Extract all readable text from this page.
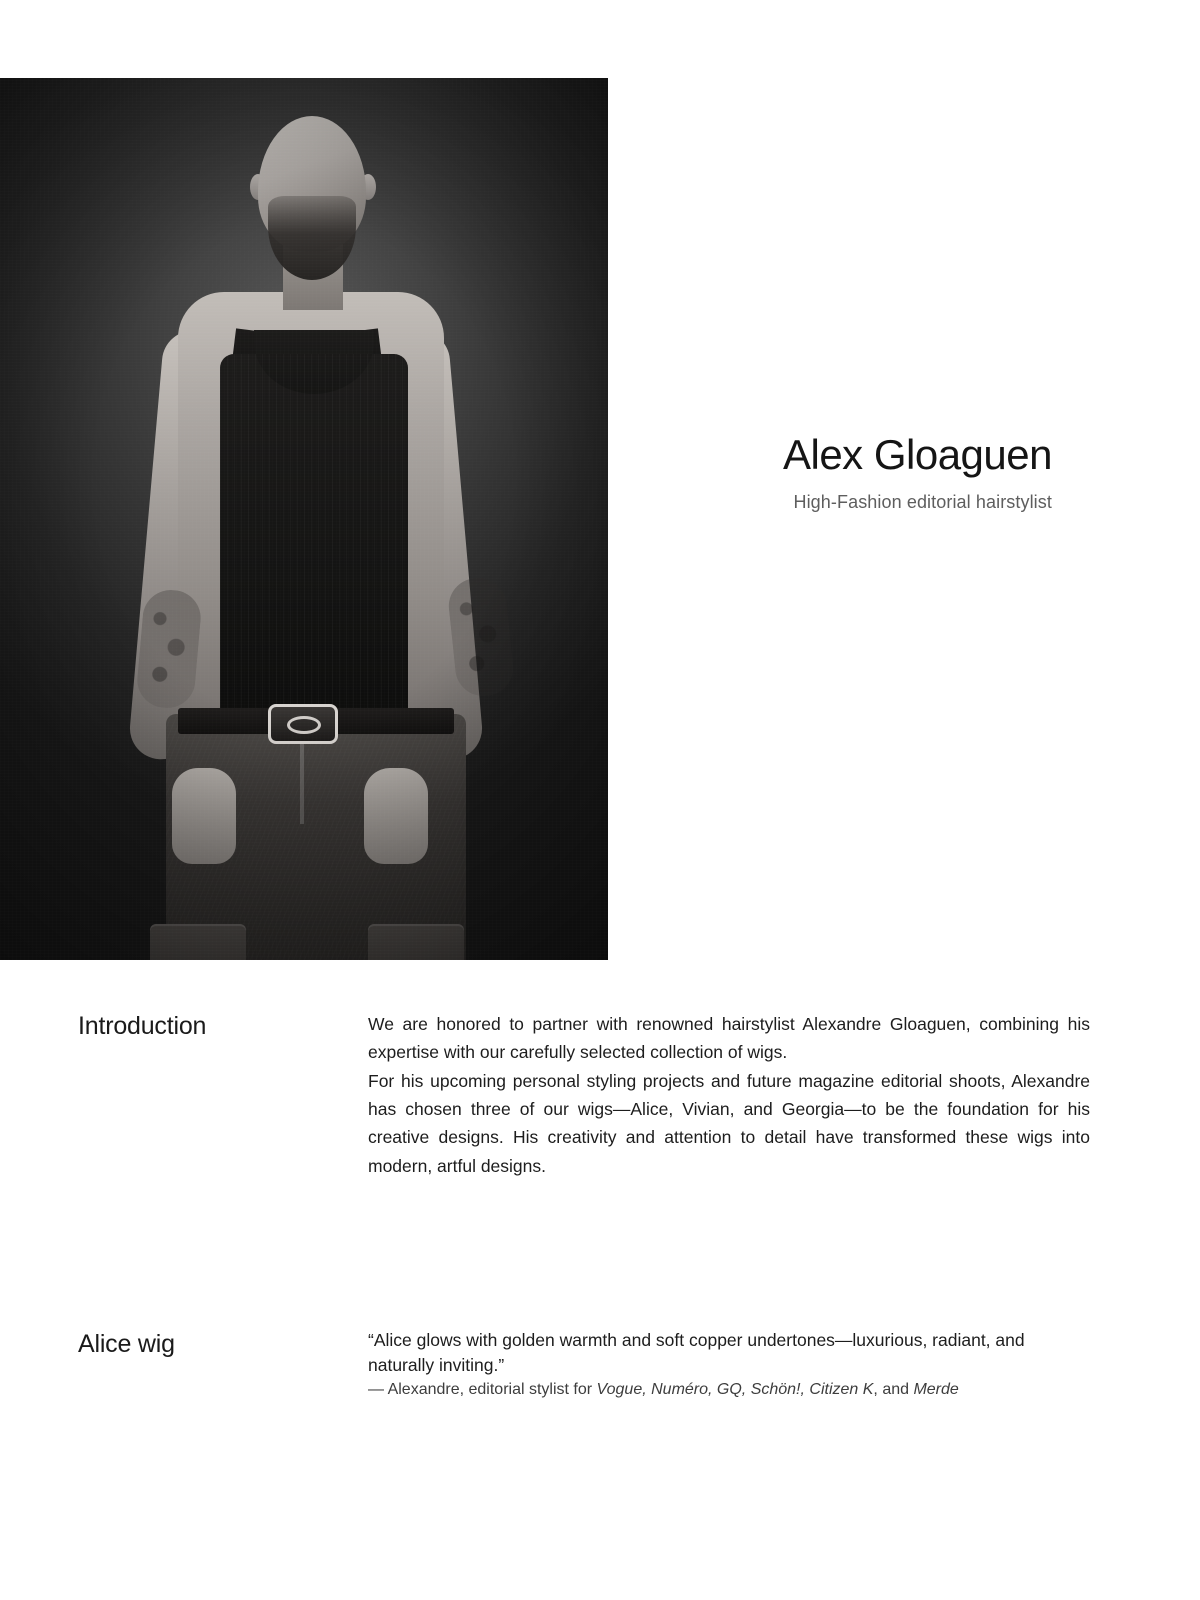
Alex Gloaguen

High-Fashion editorial hairstylist

Introduction	We are honored to partner with renowned hairstylist Alexandre Gloaguen, combining his expertise with our carefully selected collection of wigs.

For his upcoming personal styling projects and future magazine editorial shoots, Alexandre has chosen three of our wigs—Alice, Vivian, and Georgia—to be the foundation for his creative designs. His creativity and attention to detail have transformed these wigs into modern, artful designs.

Alice wig	“Alice glows with golden warmth and soft copper undertones—luxurious, radiant, and naturally inviting.”

— Alexandre, editorial stylist for Vogue, Numéro, GQ, Schön!, Citizen K, and Merde
